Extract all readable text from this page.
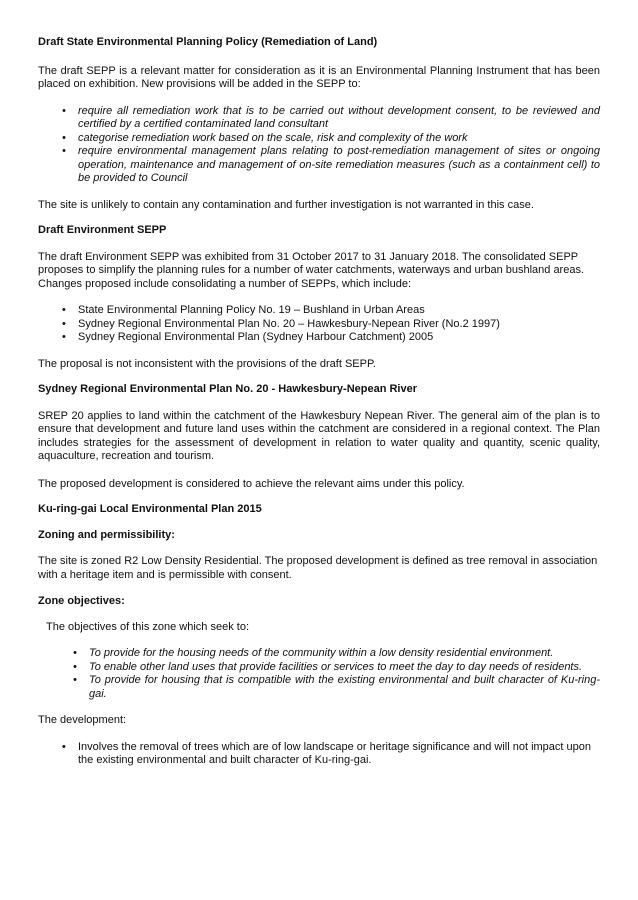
Draft State Environmental Planning Policy (Remediation of Land)

The draft SEPP is a relevant matter for consideration as it is an Environmental Planning Instrument that has been placed on exhibition. New provisions will be added in the SEPP to:

• require all remediation work that is to be carried out without development consent, to be reviewed and certified by a certified contaminated land consultant
• categorise remediation work based on the scale, risk and complexity of the work
• require environmental management plans relating to post-remediation management of sites or ongoing operation, maintenance and management of on-site remediation measures (such as a containment cell) to be provided to Council

The site is unlikely to contain any contamination and further investigation is not warranted in this case.

Draft Environment SEPP

The draft Environment SEPP was exhibited from 31 October 2017 to 31 January 2018. The consolidated SEPP proposes to simplify the planning rules for a number of water catchments, waterways and urban bushland areas. Changes proposed include consolidating a number of SEPPs, which include:

• State Environmental Planning Policy No. 19 – Bushland in Urban Areas
• Sydney Regional Environmental Plan No. 20 – Hawkesbury-Nepean River (No.2 1997)
• Sydney Regional Environmental Plan (Sydney Harbour Catchment) 2005

The proposal is not inconsistent with the provisions of the draft SEPP.

Sydney Regional Environmental Plan No. 20 - Hawkesbury-Nepean River

SREP 20 applies to land within the catchment of the Hawkesbury Nepean River. The general aim of the plan is to ensure that development and future land uses within the catchment are considered in a regional context. The Plan includes strategies for the assessment of development in relation to water quality and quantity, scenic quality, aquaculture, recreation and tourism.

The proposed development is considered to achieve the relevant aims under this policy.

Ku-ring-gai Local Environmental Plan 2015
Zoning and permissibility:

The site is zoned R2 Low Density Residential. The proposed development is defined as tree removal in association with a heritage item and is permissible with consent.

Zone objectives:

The objectives of this zone which seek to:

• To provide for the housing needs of the community within a low density residential environment.
• To enable other land uses that provide facilities or services to meet the day to day needs of residents.
• To provide for housing that is compatible with the existing environmental and built character of Ku-ring-gai.

The development:

• Involves the removal of trees which are of low landscape or heritage significance and will not impact upon the existing environmental and built character of Ku-ring-gai.
